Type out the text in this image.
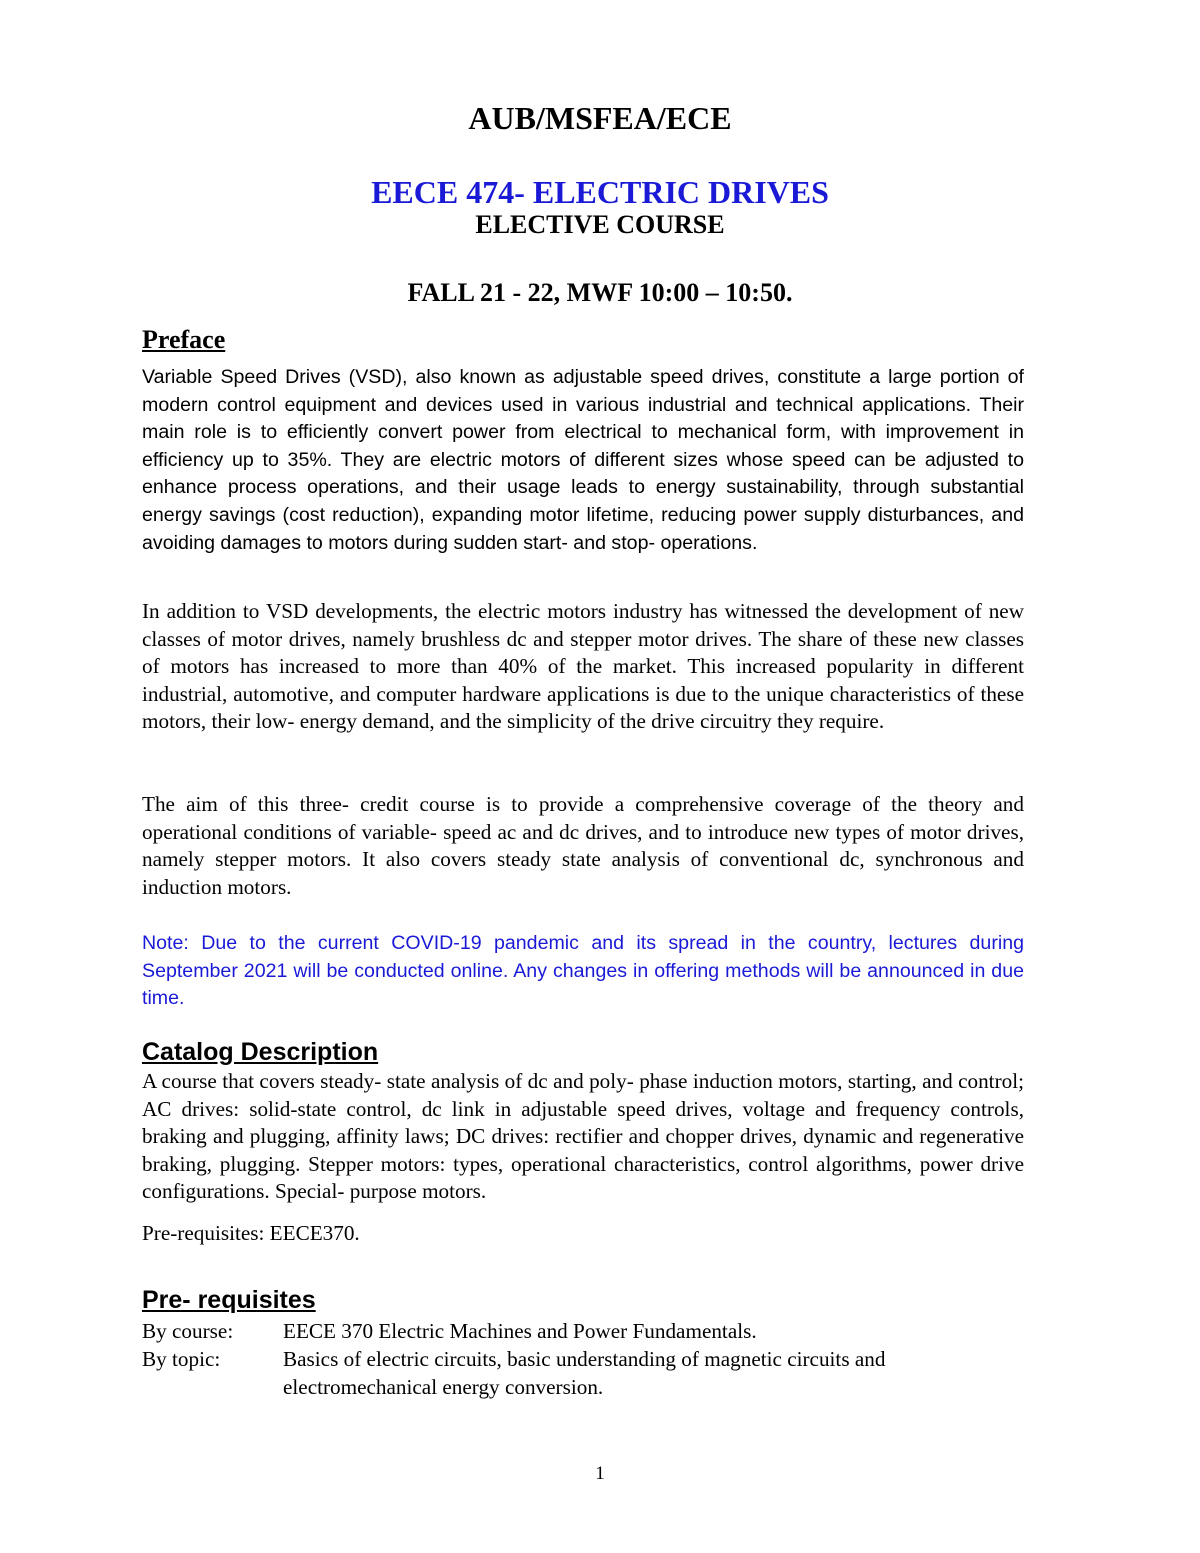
AUB/MSFEA/ECE

EECE 474- ELECTRIC DRIVES

ELECTIVE COURSE

FALL 21 - 22, MWF 10:00 – 10:50.

Preface

Variable Speed Drives (VSD), also known as adjustable speed drives, constitute a large portion of modern control equipment and devices used in various industrial and technical applications. Their main role is to efficiently convert power from electrical to mechanical form, with improvement in efficiency up to 35%. They are electric motors of different sizes whose speed can be adjusted to enhance process operations, and their usage leads to energy sustainability, through substantial energy savings (cost reduction), expanding motor lifetime, reducing power supply disturbances, and avoiding damages to motors during sudden start- and stop- operations.

In addition to VSD developments, the electric motors industry has witnessed the development of new classes of motor drives, namely brushless dc and stepper motor drives. The share of these new classes of motors has increased to more than 40% of the market. This increased popularity in different industrial, automotive, and computer hardware applications is due to the unique characteristics of these motors, their low- energy demand, and the simplicity of the drive circuitry they require.

The aim of this three- credit course is to provide a comprehensive coverage of the theory and operational conditions of variable- speed ac and dc drives, and to introduce new types of motor drives, namely stepper motors. It also covers steady state analysis of conventional dc, synchronous and induction motors.

Note: Due to the current COVID-19 pandemic and its spread in the country, lectures during September 2021 will be conducted online. Any changes in offering methods will be announced in due time.

Catalog Description

A course that covers steady- state analysis of dc and poly- phase induction motors, starting, and control; AC drives: solid-state control, dc link in adjustable speed drives, voltage and frequency controls, braking and plugging, affinity laws; DC drives: rectifier and chopper drives, dynamic and regenerative braking, plugging. Stepper motors: types, operational characteristics, control algorithms, power drive configurations. Special- purpose motors.

Pre-requisites: EECE370.

Pre- requisites
By course: EECE 370 Electric Machines and Power Fundamentals.
By topic:	Basics of electric circuits, basic understanding of magnetic circuits and electromechanical energy conversion.

1
